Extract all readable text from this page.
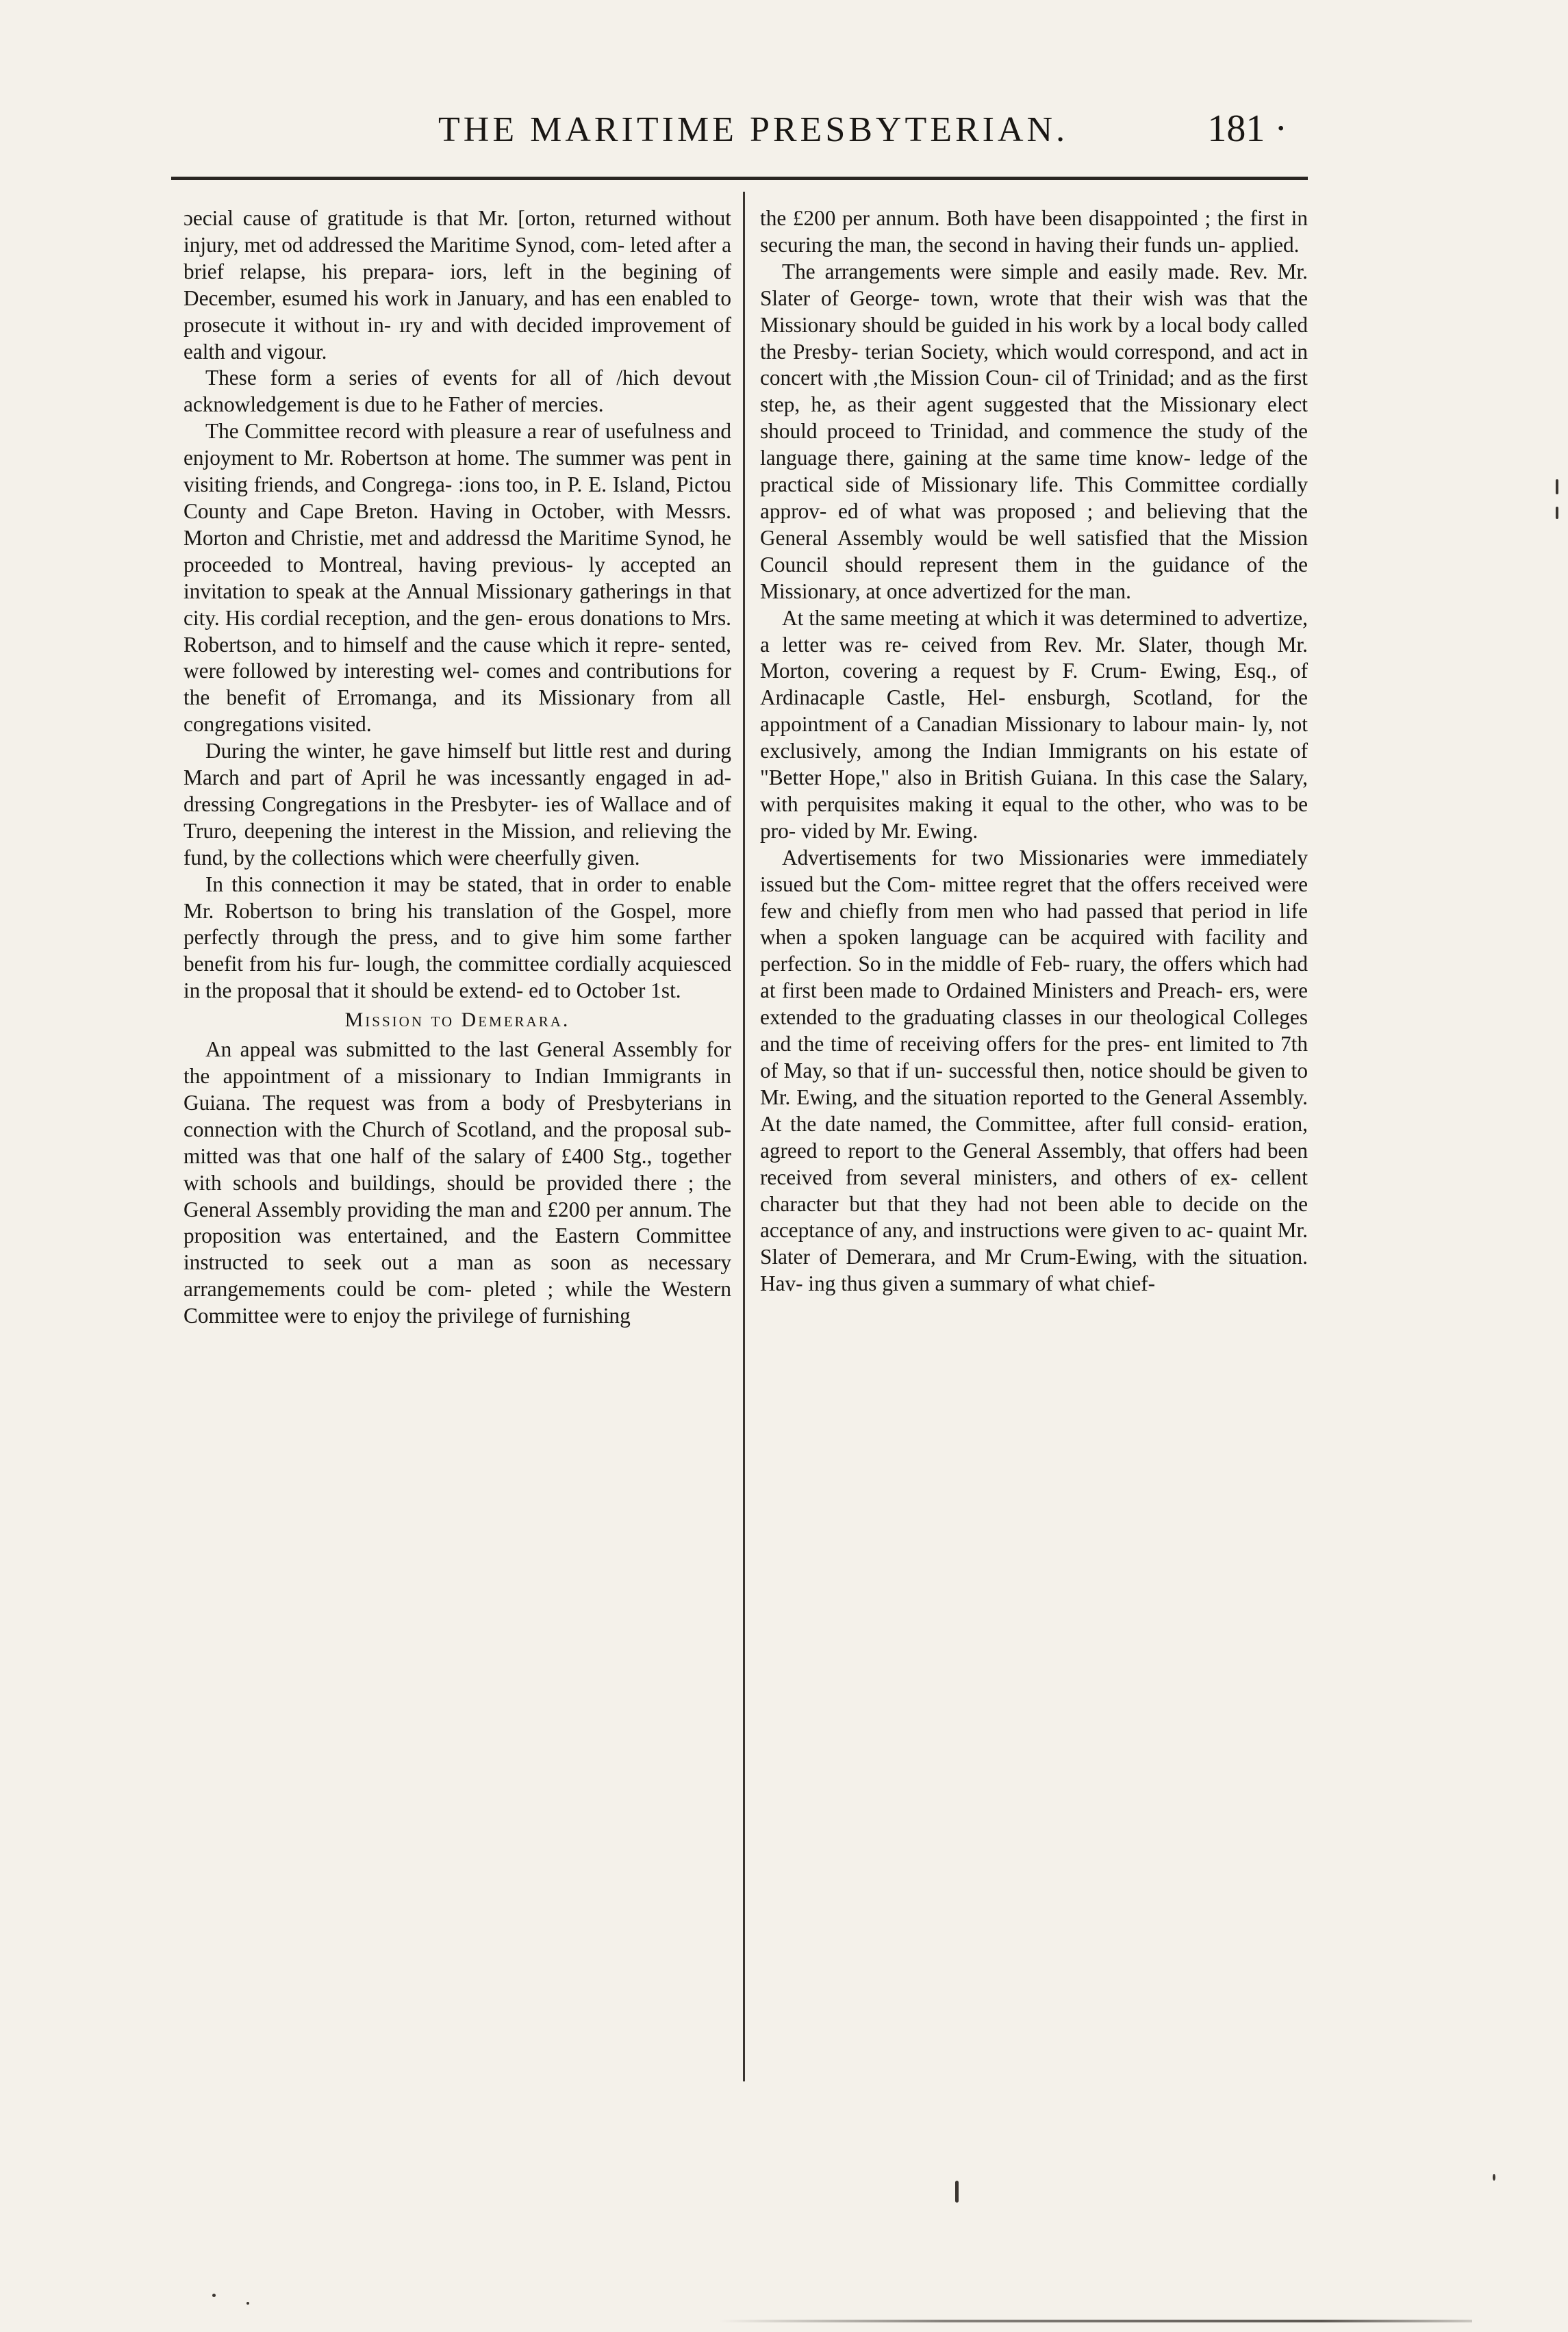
THE MARITIME PRESBYTERIAN.	181 ·

ɔecial cause of gratitude is that Mr. [orton, returned without injury, met od addressed the Maritime Synod, com- leted after a brief relapse, his prepara- iors, left in the begining of December, esumed his work in January, and has een enabled to prosecute it without in- ıry and with decided improvement of ealth and vigour.

These form a series of events for all of /hich devout acknowledgement is due to he Father of mercies.

The Committee record with pleasure a rear of usefulness and enjoyment to Mr. Robertson at home. The summer was pent in visiting friends, and Congrega- :ions too, in P. E. Island, Pictou County and Cape Breton. Having in October, with Messrs. Morton and Christie, met and addressd the Maritime Synod, he proceeded to Montreal, having previous- ly accepted an invitation to speak at the Annual Missionary gatherings in that city. His cordial reception, and the gen- erous donations to Mrs. Robertson, and to himself and the cause which it repre- sented, were followed by interesting wel- comes and contributions for the benefit of Erromanga, and its Missionary from all congregations visited.

During the winter, he gave himself but little rest and during March and part of April he was incessantly engaged in ad- dressing Congregations in the Presbyter- ies of Wallace and of Truro, deepening the interest in the Mission, and relieving the fund, by the collections which were cheerfully given.

In this connection it may be stated, that in order to enable Mr. Robertson to bring his translation of the Gospel, more perfectly through the press, and to give him some farther benefit from his fur- lough, the committee cordially acquiesced in the proposal that it should be extend- ed to October 1st.

Mission to Demerara.

An appeal was submitted to the last General Assembly for the appointment of a missionary to Indian Immigrants in Guiana. The request was from a body of Presbyterians in connection with the Church of Scotland, and the proposal sub- mitted was that one half of the salary of £400 Stg., together with schools and buildings, should be provided there ; the General Assembly providing the man and £200 per annum. The proposition was entertained, and the Eastern Committee instructed to seek out a man as soon as necessary arrangemements could be com- pleted ; while the Western Committee were to enjoy the privilege of furnishing

the £200 per annum. Both have been disappointed ; the first in securing the man, the second in having their funds un- applied.

The arrangements were simple and easily made. Rev. Mr. Slater of George- town, wrote that their wish was that the Missionary should be guided in his work by a local body called the Presby- terian Society, which would correspond, and act in concert with ,the Mission Coun- cil of Trinidad; and as the first step, he, as their agent suggested that the Missionary elect should proceed to Trinidad, and commence the study of the language there, gaining at the same time know- ledge of the practical side of Missionary life. This Committee cordially approv- ed of what was proposed ; and believing that the General Assembly would be well satisfied that the Mission Council should represent them in the guidance of the Missionary, at once advertized for the man.

At the same meeting at which it was determined to advertize, a letter was re- ceived from Rev. Mr. Slater, though Mr. Morton, covering a request by F. Crum- Ewing, Esq., of Ardinacaple Castle, Hel- ensburgh, Scotland, for the appointment of a Canadian Missionary to labour main- ly, not exclusively, among the Indian Immigrants on his estate of "Better Hope," also in British Guiana. In this case the Salary, with perquisites making it equal to the other, who was to be pro- vided by Mr. Ewing.

Advertisements for two Missionaries were immediately issued but the Com- mittee regret that the offers received were few and chiefly from men who had passed that period in life when a spoken language can be acquired with facility and perfection. So in the middle of Feb- ruary, the offers which had at first been made to Ordained Ministers and Preach- ers, were extended to the graduating classes in our theological Colleges and the time of receiving offers for the pres- ent limited to 7th of May, so that if un- successful then, notice should be given to Mr. Ewing, and the situation reported to the General Assembly. At the date named, the Committee, after full consid- eration, agreed to report to the General Assembly, that offers had been received from several ministers, and others of ex- cellent character but that they had not been able to decide on the acceptance of any, and instructions were given to ac- quaint Mr. Slater of Demerara, and Mr Crum-Ewing, with the situation. Hav- ing thus given a summary of what chief-
